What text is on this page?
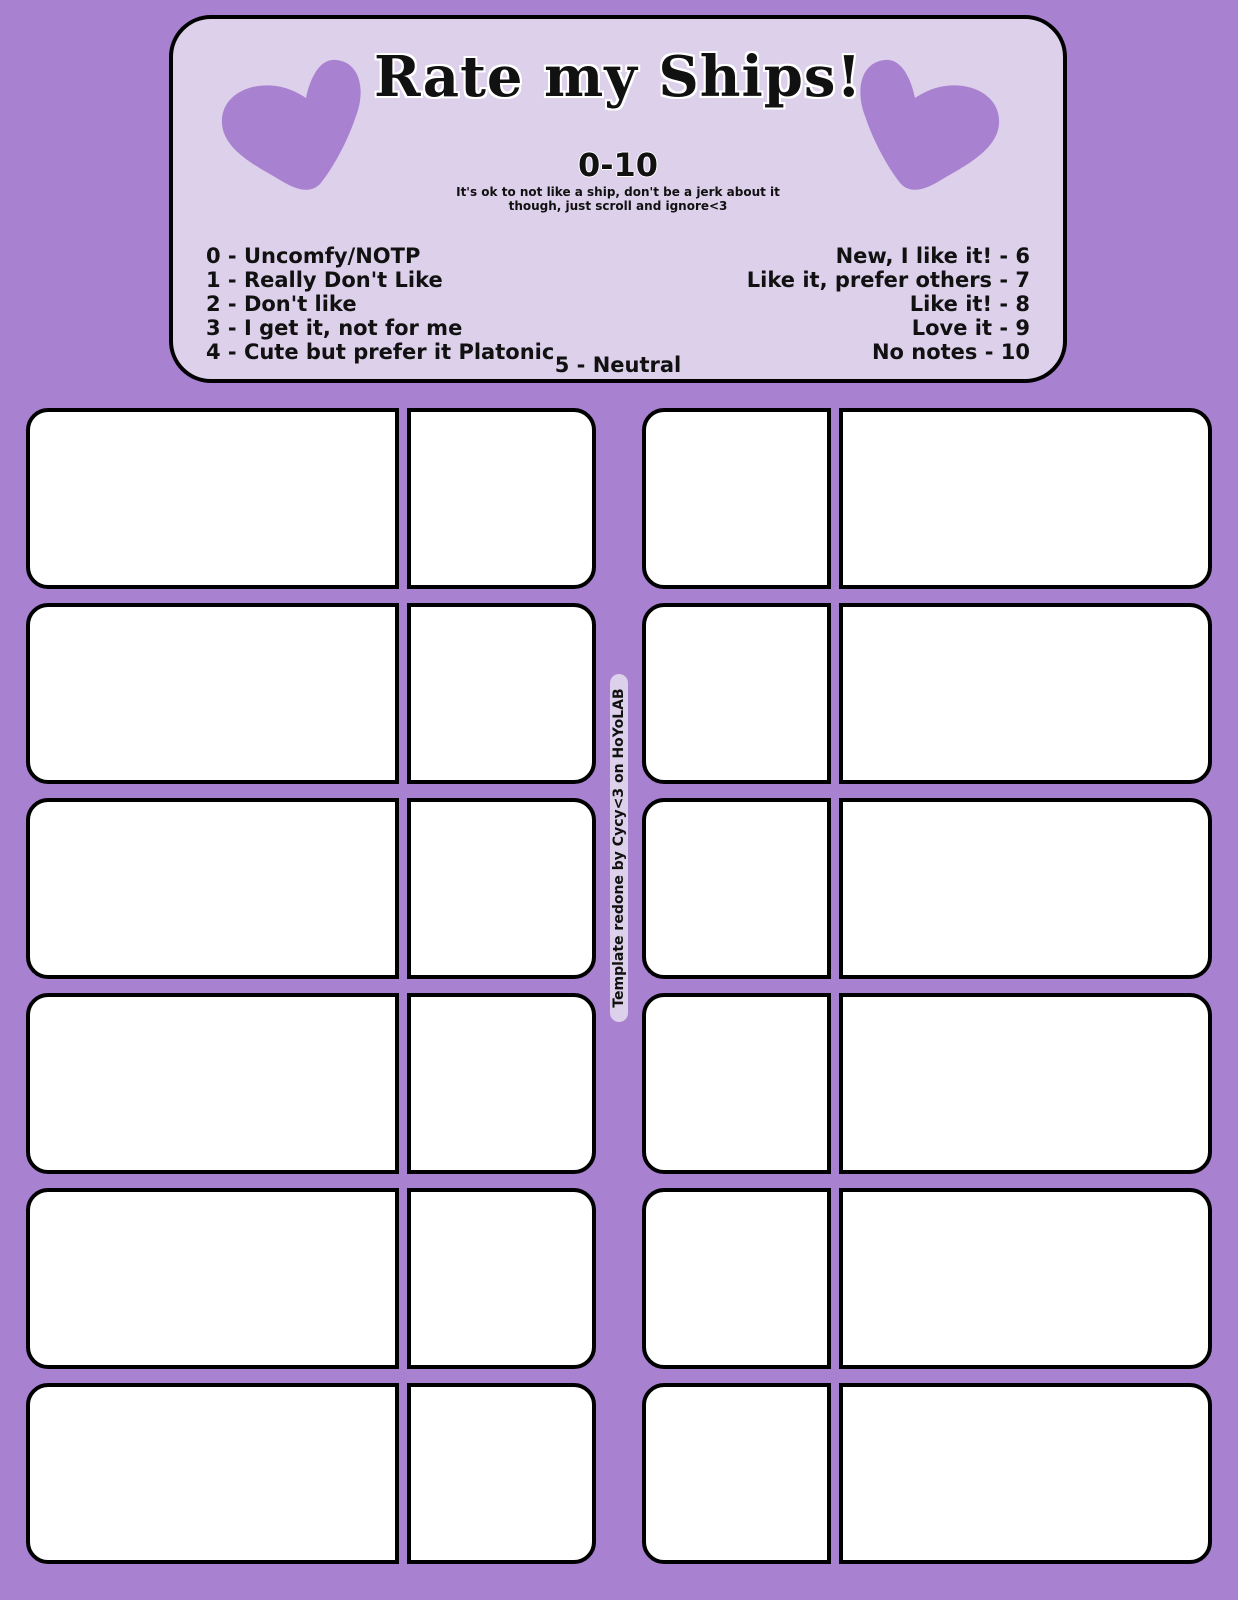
Rate my Ships!
0-10
It's ok to not like a ship, don't be a jerk about it though, just scroll and ignore<3
0 - Uncomfy/NOTP
1 - Really Don't Like
2 - Don't like
3 - I get it, not for me
4 - Cute but prefer it Platonic
5 - Neutral
New, I like it! - 6
Like it, prefer others - 7
Like it! - 8
Love it - 9
No notes - 10
Template redone by Cycy<3 on HoYoLAB
